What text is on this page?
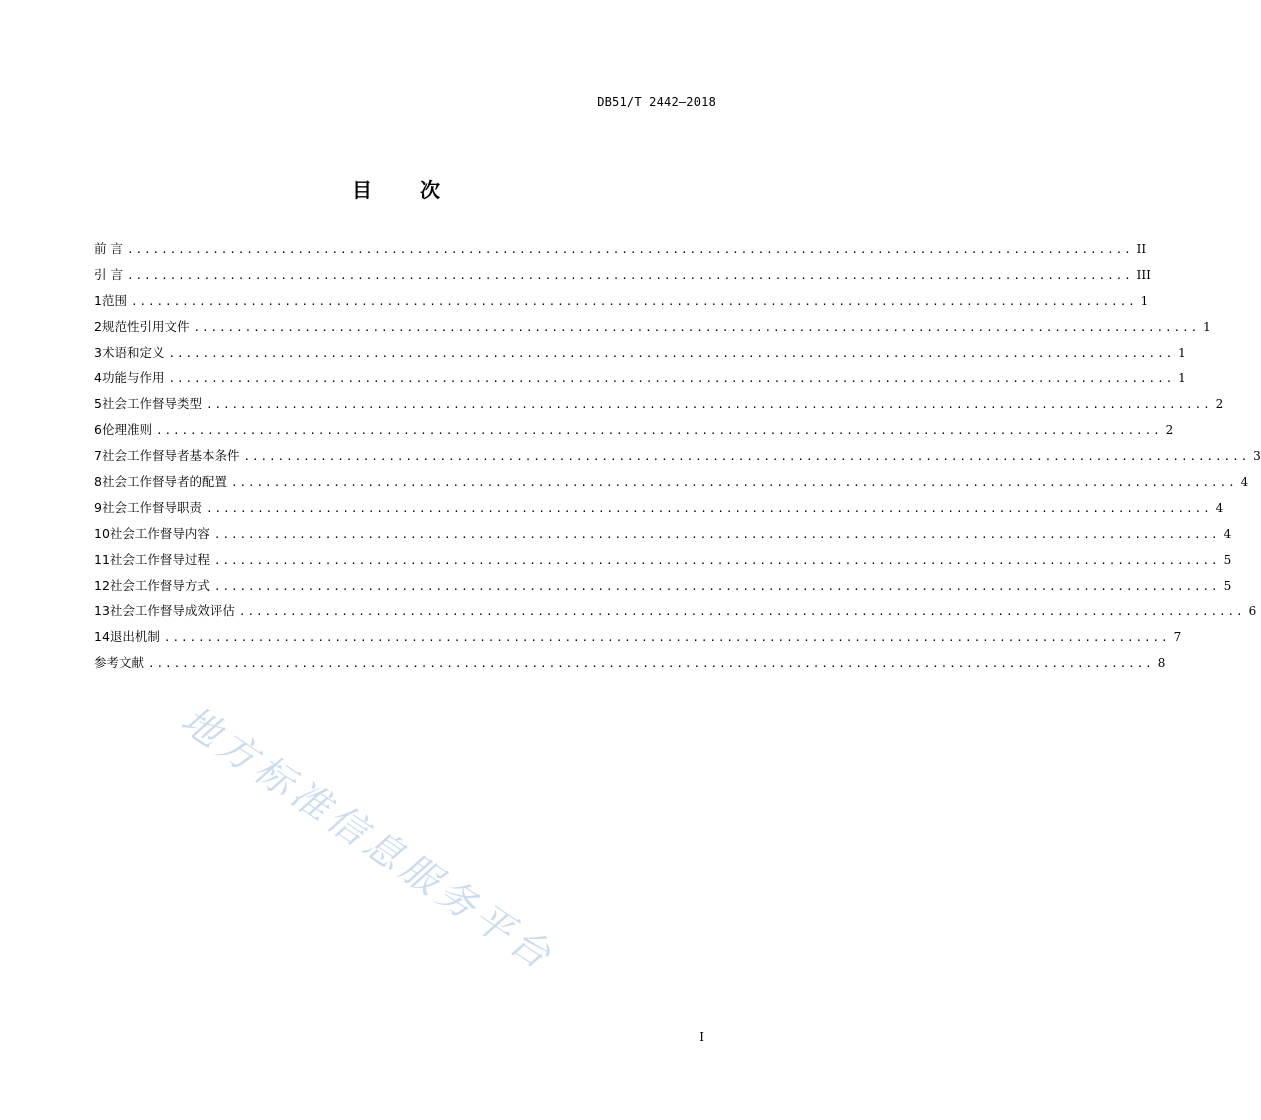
DB51/T 2442—2018
目 次
前 言 ...................................................................................................................... II
引 言 ...................................................................................................................... III
1 范围 ...................................................................................................................... 1
2 规范性引用文件 ...................................................................................................................... 1
3 术语和定义 ...................................................................................................................... 1
4 功能与作用 ...................................................................................................................... 1
5 社会工作督导类型 ...................................................................................................................... 2
6 伦理准则 ...................................................................................................................... 2
7 社会工作督导者基本条件 ...................................................................................................................... 3
8 社会工作督导者的配置 ...................................................................................................................... 4
9 社会工作督导职责 ...................................................................................................................... 4
10 社会工作督导内容 ...................................................................................................................... 4
11 社会工作督导过程 ...................................................................................................................... 5
12 社会工作督导方式 ...................................................................................................................... 5
13 社会工作督导成效评估 ...................................................................................................................... 6
14 退出机制 ...................................................................................................................... 7
参考文献 ...................................................................................................................... 8
地方标准信息服务平台
I
